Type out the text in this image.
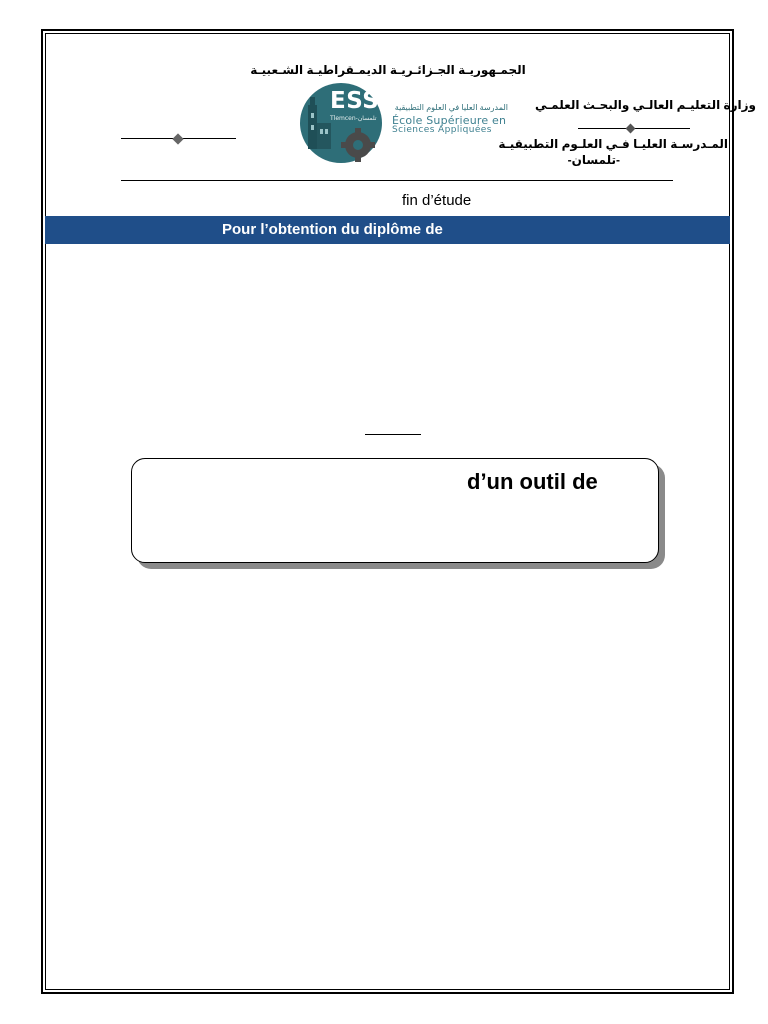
الجمـهوريـة الجـزائـريـة الديمـقراطيـة الشـعبيـة
وزارة التعليـم العالـي والبحـث العلمـي
المـدرسـة العليـا فـي العلـوم التطبيقيـة
-تلمسان-
ESSA
Tlemcen-تلمسان
المدرسة العليا في العلوم التطبيقية
École Supérieure en
Sciences Appliquées
fin d’étude
Pour l’obtention du diplôme de
d’un outil de
